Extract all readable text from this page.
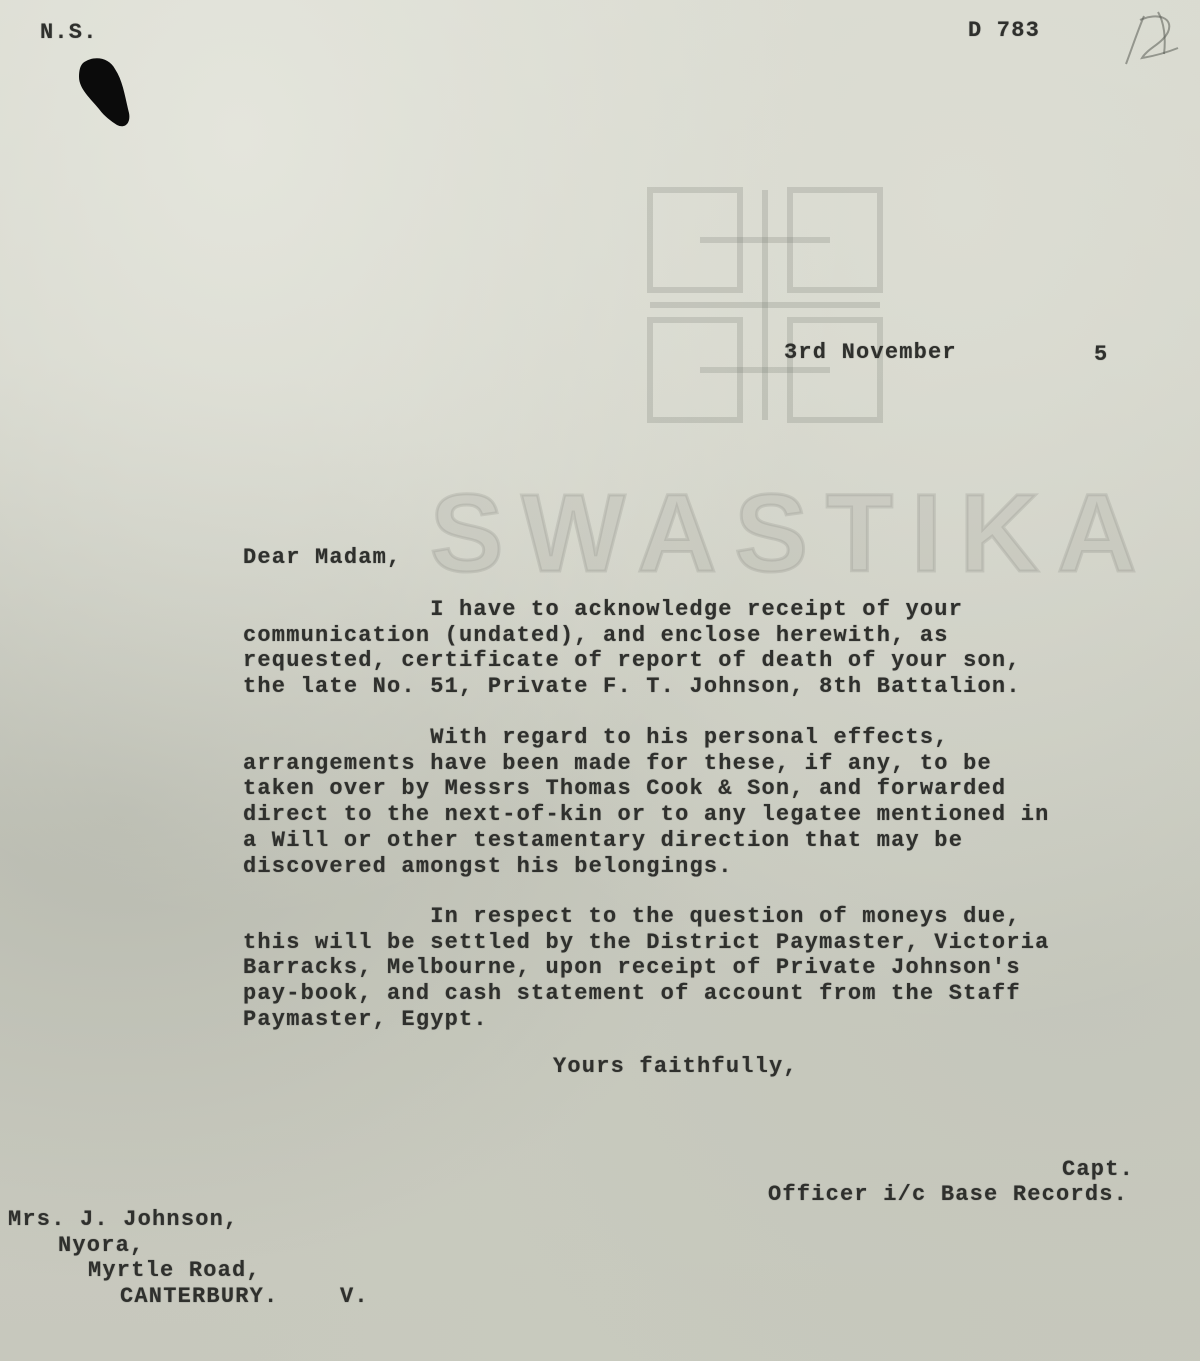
SWASTIKA
N.S.	D 783
3rd November	5
Dear Madam,
I have to acknowledge receipt of your
communication (undated), and enclose herewith, as
requested, certificate of report of death of your son,
the late No. 51, Private F. T. Johnson, 8th Battalion.
With regard to his personal effects,
arrangements have been made for these, if any, to be
taken over by Messrs Thomas Cook & Son, and forwarded
direct to the next-of-kin or to any legatee mentioned in
a Will or other testamentary direction that may be
discovered amongst his belongings.
In respect to the question of moneys due,
this will be settled by the District Paymaster, Victoria
Barracks, Melbourne, upon receipt of Private Johnson's
pay-book, and cash statement of account from the Staff
Paymaster, Egypt.
Yours faithfully,
Capt.
Officer i/c Base Records.
Mrs. J. Johnson,
Nyora,
Myrtle Road,
CANTERBURY.	V.
